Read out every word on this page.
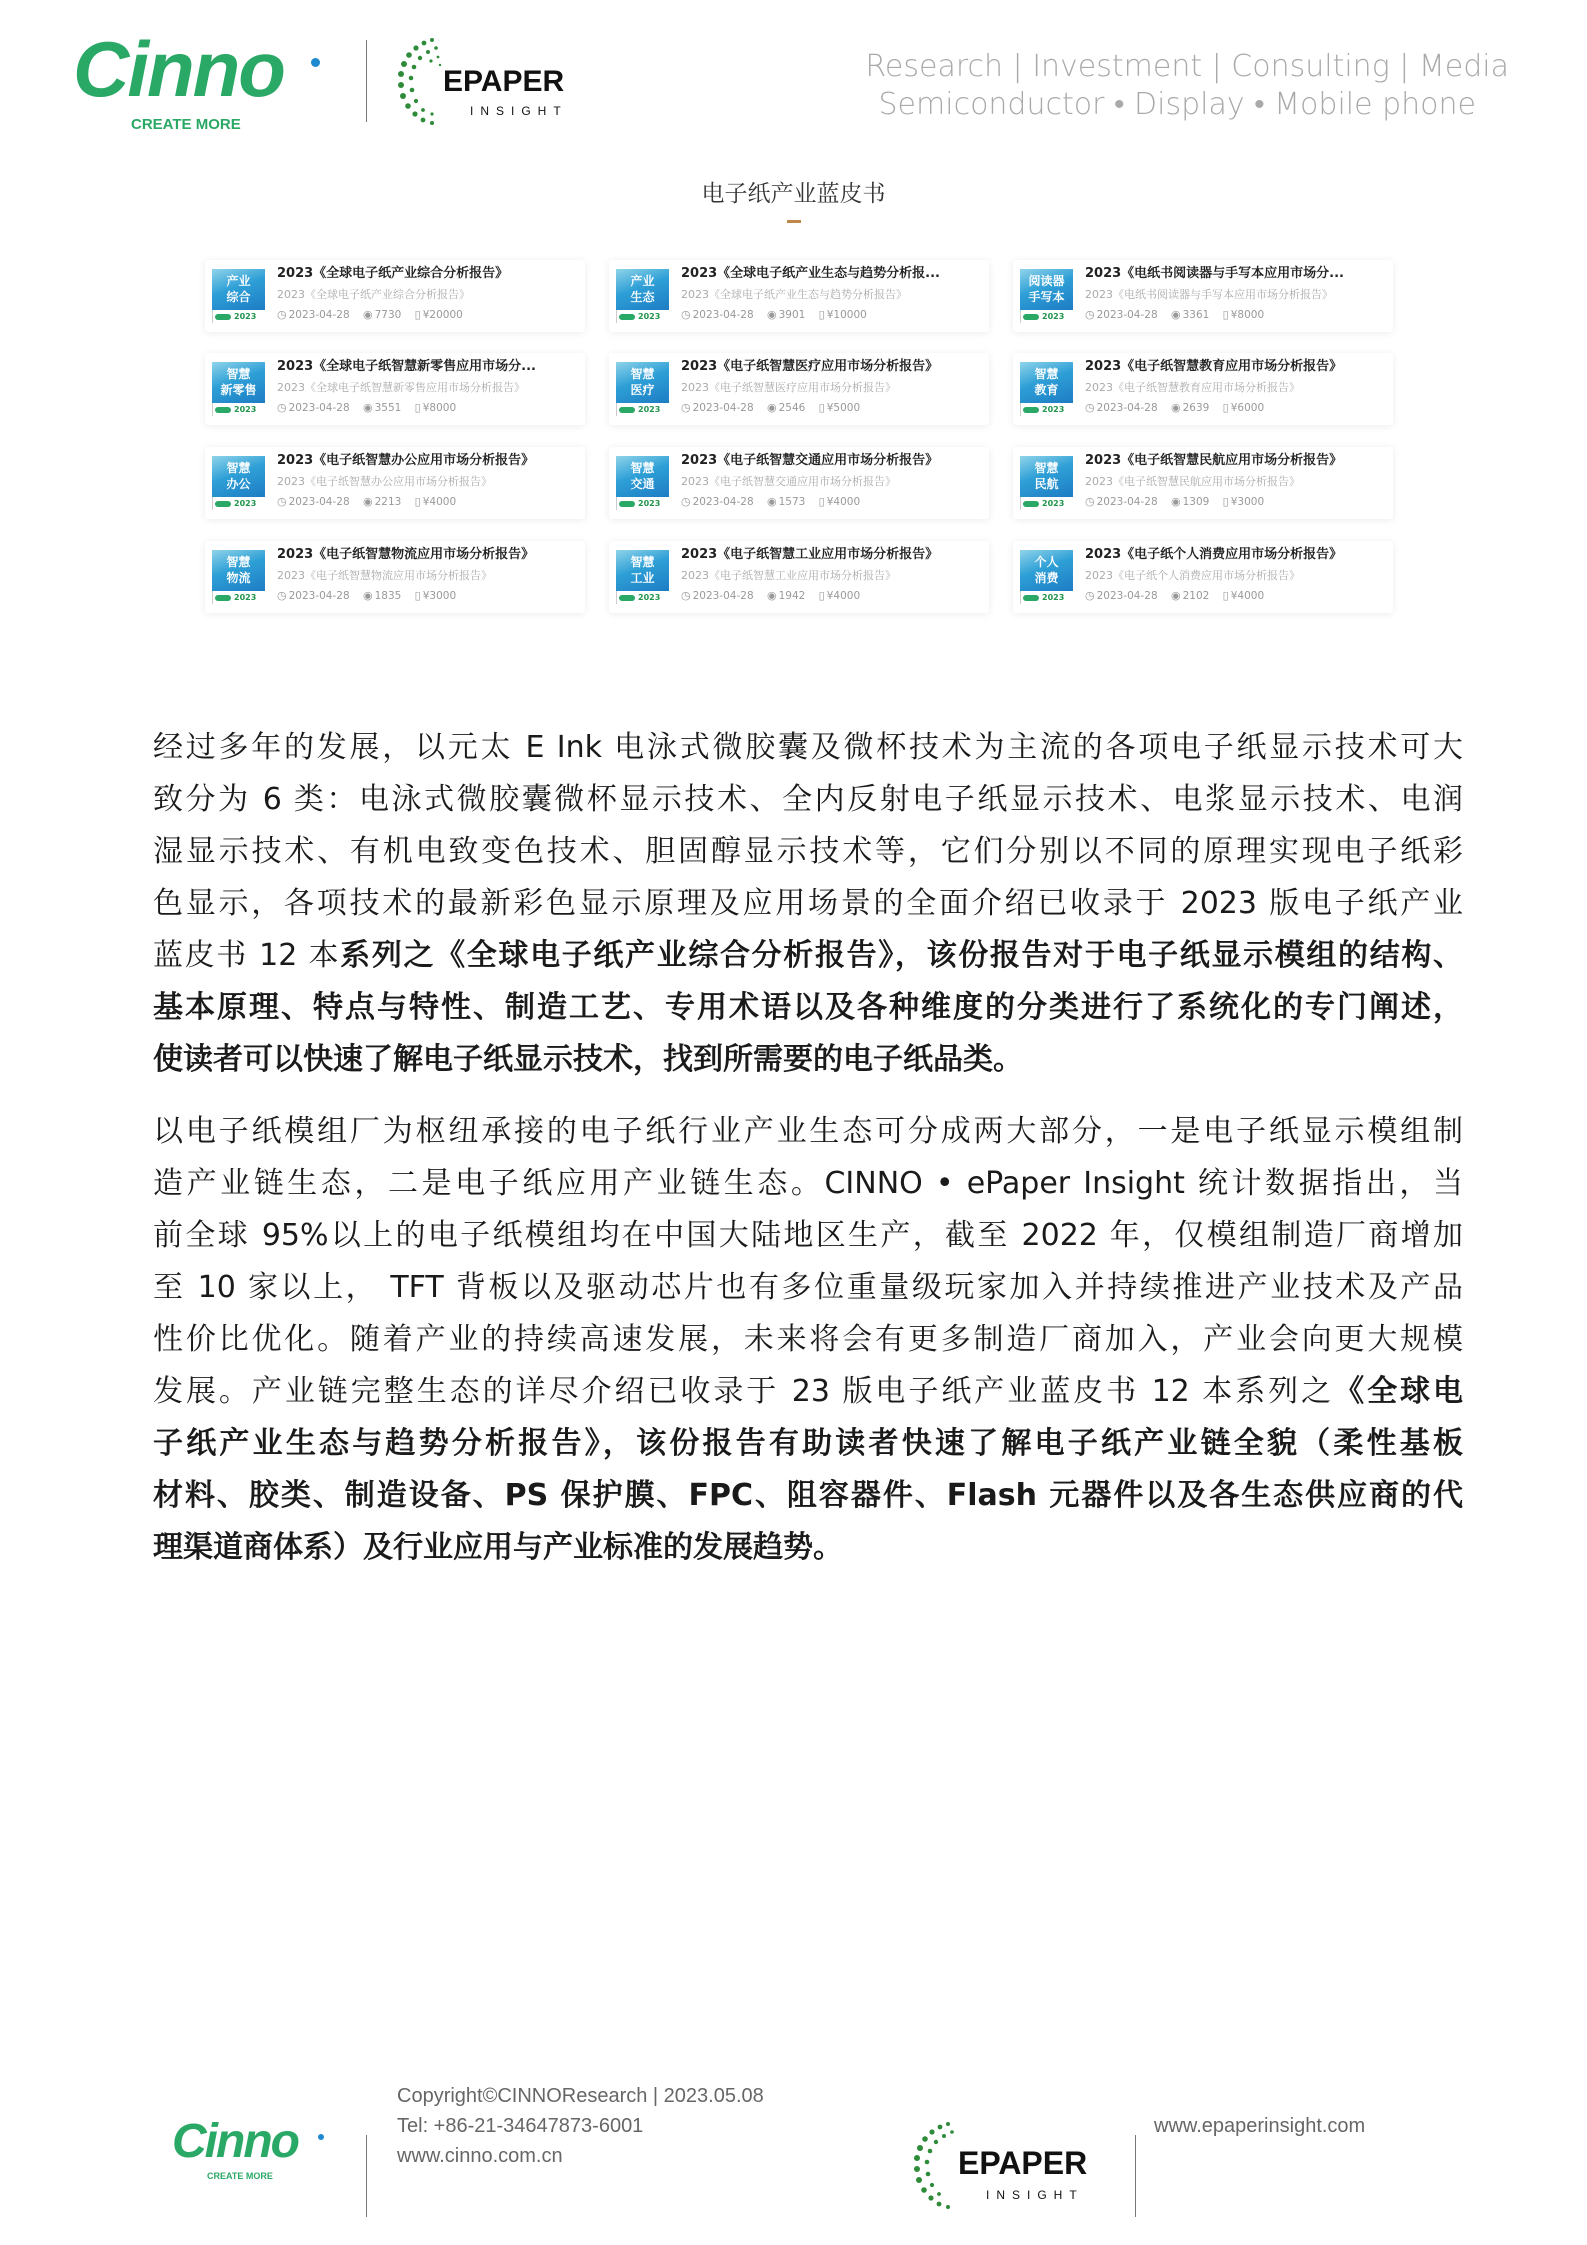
Cinno
CREATE MORE
EPAPER
INSIGHT
Research | Investment | Consulting | Media
Semiconductor • Display • Mobile phone
电子纸产业蓝皮书
产业
综合
2023
2023《全球电子纸产业综合分析报告》
2023《全球电子纸产业综合分析报告》
◷ 2023-04-28 ◉ 7730 ▯ ¥20000
产业
生态
2023
2023《全球电子纸产业生态与趋势分析报...
2023《全球电子纸产业生态与趋势分析报告》
◷ 2023-04-28 ◉ 3901 ▯ ¥10000
阅读器
手写本
2023
2023《电纸书阅读器与手写本应用市场分...
2023《电纸书阅读器与手写本应用市场分析报告》
◷ 2023-04-28 ◉ 3361 ▯ ¥8000
智慧
新零售
2023
2023《全球电子纸智慧新零售应用市场分...
2023《全球电子纸智慧新零售应用市场分析报告》
◷ 2023-04-28 ◉ 3551 ▯ ¥8000
智慧
医疗
2023
2023《电子纸智慧医疗应用市场分析报告》
2023《电子纸智慧医疗应用市场分析报告》
◷ 2023-04-28 ◉ 2546 ▯ ¥5000
智慧
教育
2023
2023《电子纸智慧教育应用市场分析报告》
2023《电子纸智慧教育应用市场分析报告》
◷ 2023-04-28 ◉ 2639 ▯ ¥6000
智慧
办公
2023
2023《电子纸智慧办公应用市场分析报告》
2023《电子纸智慧办公应用市场分析报告》
◷ 2023-04-28 ◉ 2213 ▯ ¥4000
智慧
交通
2023
2023《电子纸智慧交通应用市场分析报告》
2023《电子纸智慧交通应用市场分析报告》
◷ 2023-04-28 ◉ 1573 ▯ ¥4000
智慧
民航
2023
2023《电子纸智慧民航应用市场分析报告》
2023《电子纸智慧民航应用市场分析报告》
◷ 2023-04-28 ◉ 1309 ▯ ¥3000
智慧
物流
2023
2023《电子纸智慧物流应用市场分析报告》
2023《电子纸智慧物流应用市场分析报告》
◷ 2023-04-28 ◉ 1835 ▯ ¥3000
智慧
工业
2023
2023《电子纸智慧工业应用市场分析报告》
2023《电子纸智慧工业应用市场分析报告》
◷ 2023-04-28 ◉ 1942 ▯ ¥4000
个人
消费
2023
2023《电子纸个人消费应用市场分析报告》
2023《电子纸个人消费应用市场分析报告》
◷ 2023-04-28 ◉ 2102 ▯ ¥4000
经过多年的发展，以元太 E Ink 电泳式微胶囊及微杯技术为主流的各项电子纸显示技术可大
致分为 6 类：电泳式微胶囊微杯显示技术、全内反射电子纸显示技术、电浆显示技术、电润
湿显示技术、有机电致变色技术、胆固醇显示技术等，它们分别以不同的原理实现电子纸彩
色显示，各项技术的最新彩色显示原理及应用场景的全面介绍已收录于 2023 版电子纸产业
蓝皮书 12 本系列之《全球电子纸产业综合分析报告》，该份报告对于电子纸显示模组的结构、
基本原理、特点与特性、制造工艺、专用术语以及各种维度的分类进行了系统化的专门阐述，
使读者可以快速了解电子纸显示技术，找到所需要的电子纸品类。
以电子纸模组厂为枢纽承接的电子纸行业产业生态可分成两大部分，一是电子纸显示模组制
造产业链生态，二是电子纸应用产业链生态。CINNO • ePaper Insight 统计数据指出，当
前全球 95%以上的电子纸模组均在中国大陆地区生产，截至 2022 年，仅模组制造厂商增加
至 10 家以上， TFT 背板以及驱动芯片也有多位重量级玩家加入并持续推进产业技术及产品
性价比优化。随着产业的持续高速发展，未来将会有更多制造厂商加入，产业会向更大规模
发展。产业链完整生态的详尽介绍已收录于 23 版电子纸产业蓝皮书 12 本系列之《全球电
子纸产业生态与趋势分析报告》，该份报告有助读者快速了解电子纸产业链全貌（柔性基板
材料、胶类、制造设备、PS 保护膜、FPC、阻容器件、Flash 元器件以及各生态供应商的代
理渠道商体系）及行业应用与产业标准的发展趋势。
Cinno
CREATE MORE
Copyright©CINNOResearch | 2023.05.08
Tel: +86-21-34647873-6001
www.cinno.com.cn	EPAPER
INSIGHT
www.epaperinsight.com
